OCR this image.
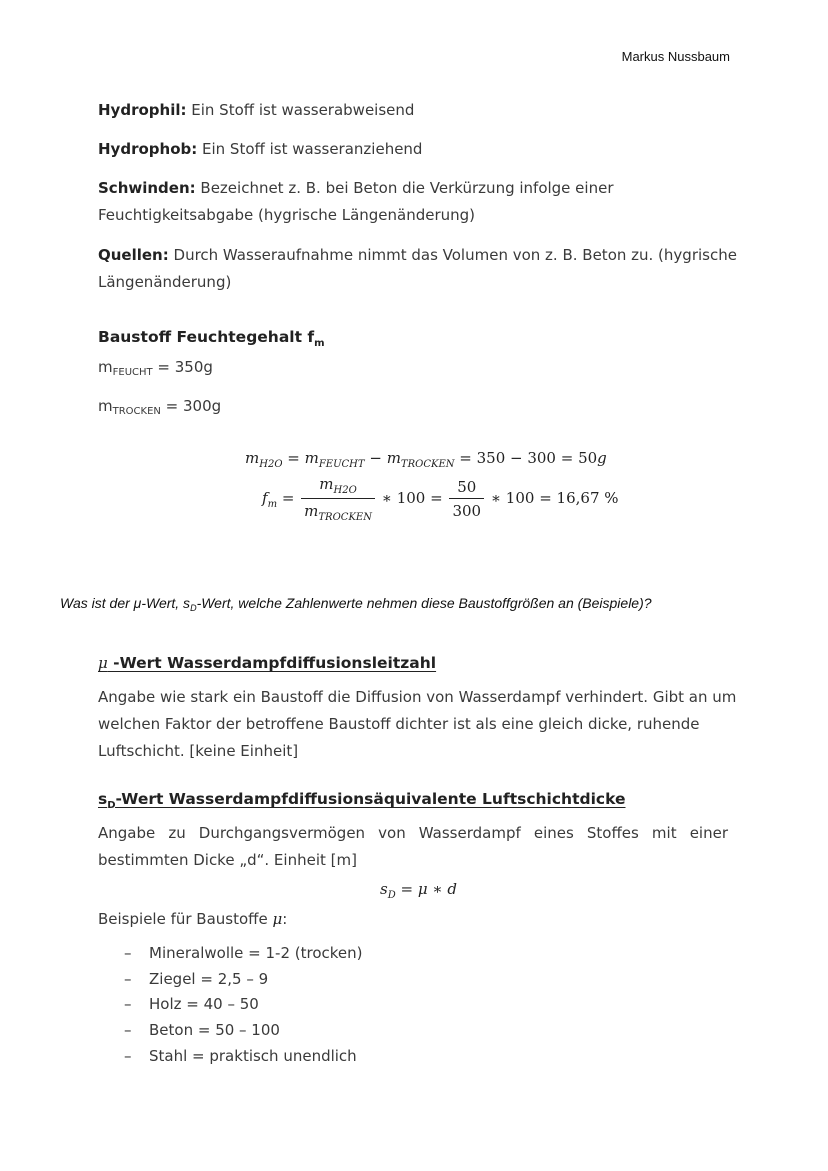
Markus Nussbaum
Hydrophil: Ein Stoff ist wasserabweisend
Hydrophob: Ein Stoff ist wasseranziehend
Schwinden: Bezeichnet z. B. bei Beton die Verkürzung infolge einer Feuchtigkeitsabgabe (hygrische Längenänderung)
Quellen: Durch Wasseraufnahme nimmt das Volumen von z. B. Beton zu. (hygrische Längenänderung)
Baustoff Feuchtegehalt $f_m$
$m_{FEUCHT} = 350g$
$m_{TROCKEN} = 300g$
$m_{H2O} = m_{FEUCHT} - m_{TROCKEN} = 350 - 300 = 50g$
$f_m = \frac{m_{H2O}}{m_{TROCKEN}}$ ∗ $100 = \frac{50}{300}$ ∗ 100 = 16,67 %
Was ist der μ-Wert, $s_D$-Wert, welche Zahlenwerte nehmen diese Baustoffgrößen an (Beispiele)?
μ -Wert Wasserdampfdiffusionsleitzahl
Angabe wie stark ein Baustoff die Diffusion von Wasserdampf verhindert. Gibt an um welchen Faktor der betroffene Baustoff dichter ist als eine gleich dicke, ruhende Luftschicht. [keine Einheit]
$s_D$-Wert Wasserdampfdiffusionsäquivalente Luftschichtdicke
Angabe zu Durchgangsvermögen von Wasserdampf eines Stoffes mit einer bestimmten Dicke „d“. Einheit [m]
$s_D = \mu$ ∗ d
Beispiele für Baustoffe μ:
– Mineralwolle = 1-2 (trocken)
– Ziegel = 2,5 – 9
– Holz = 40 – 50
– Beton = 50 – 100
– Stahl = praktisch unendlich
